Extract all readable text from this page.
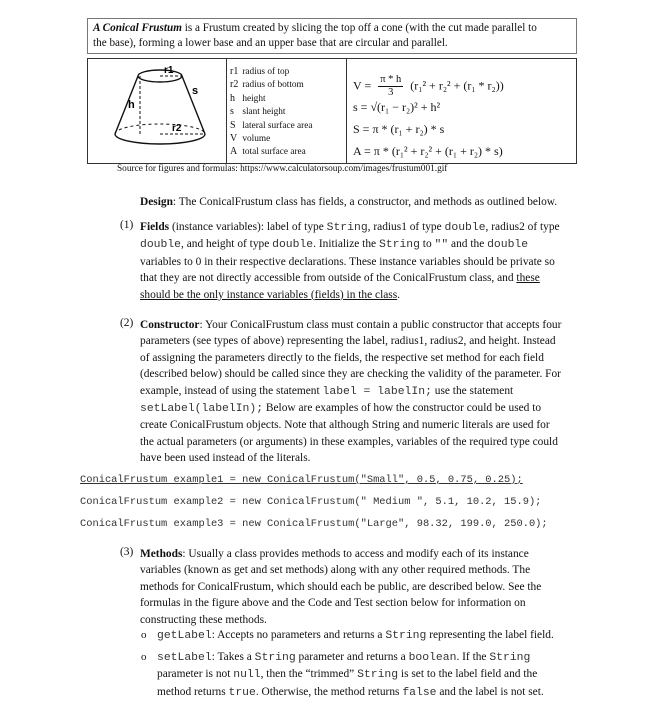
A Conical Frustum is a Frustum created by slicing the top off a cone (with the cut made parallel to
the base), forming a lower base and an upper base that are circular and parallel.
r1
r2
h
s
r1 radius of top
r2 radius of bottom
h height
s slant height
S lateral surface area
V volume
A total surface area
$V = \frac{\pi * h}{3} (r_1^2 + r_2^2 + (r_1 * r_2))$
s = √(r₁ − r₂)² + h²
S = π * (r₁ + r₂) * s
A = π * (r₁² + r₂² + (r₁ + r₂) * s)
Source for figures and formulas: https://www.calculatorsoup.com/images/frustum001.gif
Design: The ConicalFrustum class has fields, a constructor, and methods as outlined below.
(1) Fields (instance variables): label of type String, radius1 of type double, radius2 of type
double, and height of type double. Initialize the String to "" and the double
variables to 0 in their respective declarations. These instance variables should be private so
that they are not directly accessible from outside of the ConicalFrustum class, and these
should be the only instance variables (fields) in the class.
(2) Constructor: Your ConicalFrustum class must contain a public constructor that accepts four
parameters (see types of above) representing the label, radius1, radius2, and height. Instead
of assigning the parameters directly to the fields, the respective set method for each field
(described below) should be called since they are checking the validity of the parameter. For
example, instead of using the statement label = labelIn; use the statement
setLabel(labelIn); Below are examples of how the constructor could be used to
create ConicalFrustum objects. Note that although String and numeric literals are used for
the actual parameters (or arguments) in these examples, variables of the required type could
have been used instead of the literals.
ConicalFrustum example1 = new ConicalFrustum("Small", 0.5, 0.75, 0.25);
ConicalFrustum example2 = new ConicalFrustum(" Medium ", 5.1, 10.2, 15.9);
ConicalFrustum example3 = new ConicalFrustum("Large", 98.32, 199.0, 250.0);
(3) Methods: Usually a class provides methods to access and modify each of its instance
variables (known as get and set methods) along with any other required methods. The
methods for ConicalFrustum, which should each be public, are described below. See the
formulas in the figure above and the Code and Test section below for information on
constructing these methods.
o getLabel: Accepts no parameters and returns a String representing the label field.
o setLabel: Takes a String parameter and returns a boolean. If the String
parameter is not null, then the “trimmed” String is set to the label field and the
method returns true. Otherwise, the method returns false and the label is not set.
